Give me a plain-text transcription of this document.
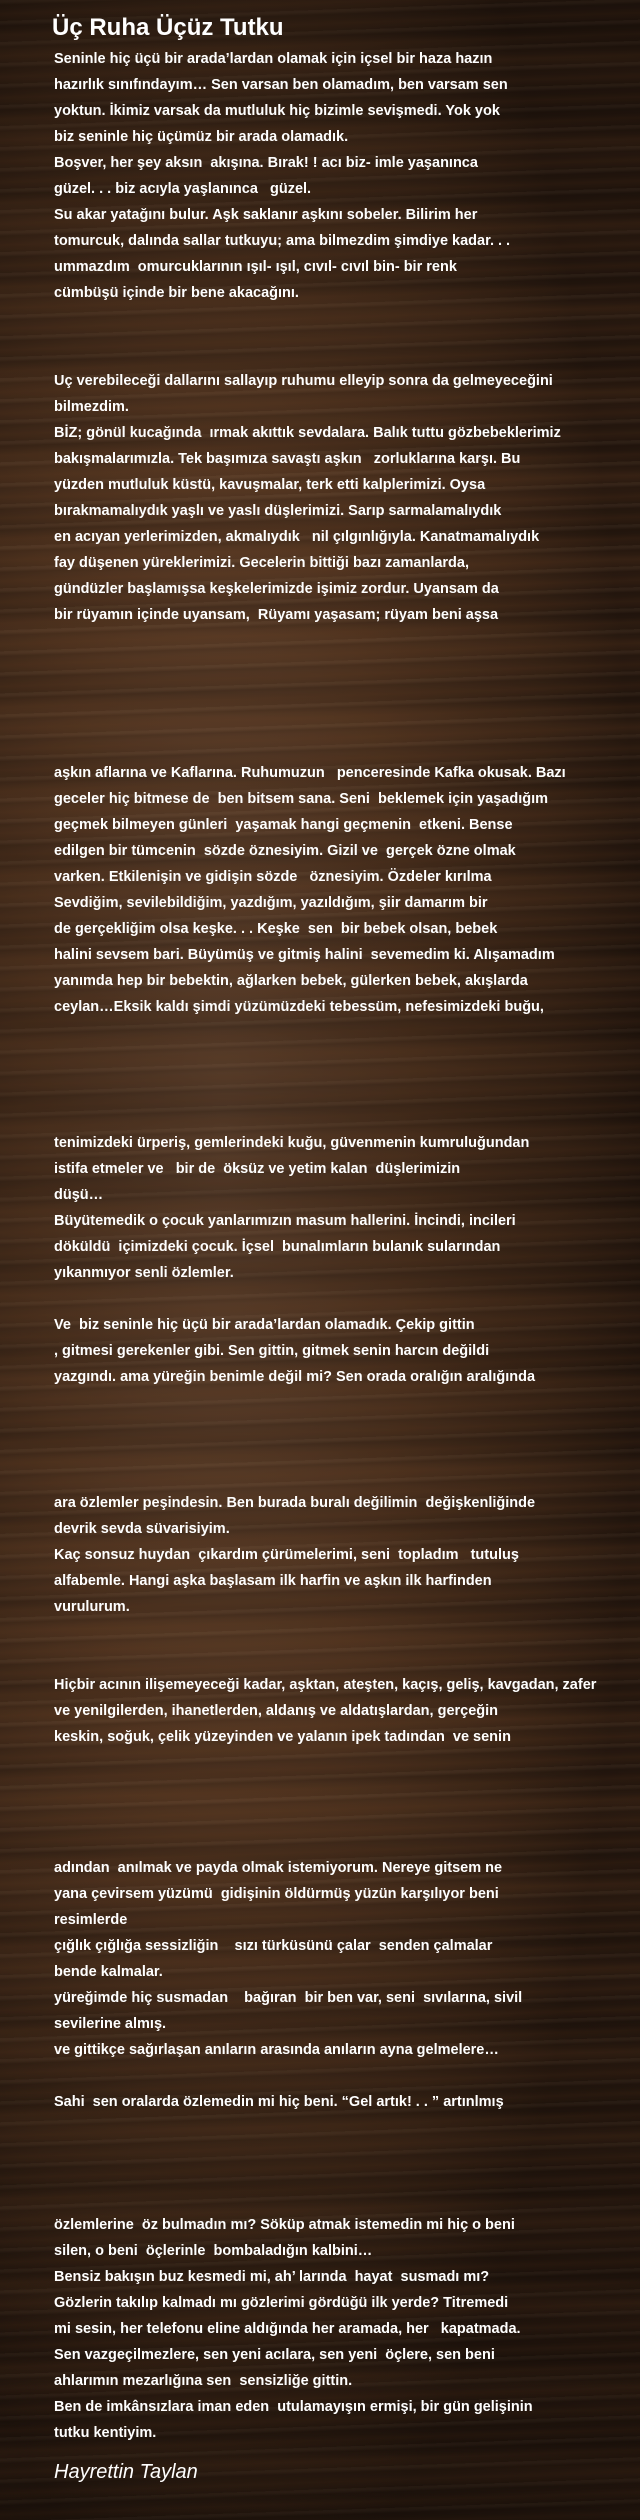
Üç Ruha Üçüz Tutku

Seninle hiç üçü bir arada’lardan olamak için içsel bir haza hazın
hazırlık sınıfındayım… Sen varsan ben olamadım, ben varsam sen
yoktun. İkimiz varsak da mutluluk hiç bizimle sevişmedi. Yok yok
biz seninle hiç üçümüz bir arada olamadık.
Boşver, her şey aksın  akışına. Bırak! ! acı biz- imle yaşanınca
güzel. . . biz acıyla yaşlanınca   güzel.
Su akar yatağını bulur. Aşk saklanır aşkını sobeler. Bilirim her
tomurcuk, dalında sallar tutkuyu; ama bilmezdim şimdiye kadar. . .
ummazdım  omurcuklarının ışıl- ışıl, cıvıl- cıvıl bin- bir renk
cümbüşü içinde bir bene akacağını.

Uç verebileceği dallarını sallayıp ruhumu elleyip sonra da gelmeyeceğini
bilmezdim.
BİZ; gönül kucağında  ırmak akıttık sevdalara. Balık tuttu gözbebeklerimiz
bakışmalarımızla. Tek başımıza savaştı aşkın   zorluklarına karşı. Bu
yüzden mutluluk küstü, kavuşmalar, terk etti kalplerimizi. Oysa
bırakmamalıydık yaşlı ve yaslı düşlerimizi. Sarıp sarmalamalıydık
en acıyan yerlerimizden, akmalıydık   nil çılgınlığıyla. Kanatmamalıydık
fay düşenen yüreklerimizi. Gecelerin bittiği bazı zamanlarda,
gündüzler başlamışsa keşkelerimizde işimiz zordur. Uyansam da
bir rüyamın içinde uyansam,  Rüyamı yaşasam; rüyam beni aşsa

aşkın aflarına ve Kaflarına. Ruhumuzun   penceresinde Kafka okusak. Bazı
geceler hiç bitmese de  ben bitsem sana. Seni  beklemek için yaşadığım
geçmek bilmeyen günleri  yaşamak hangi geçmenin  etkeni. Bense
edilgen bir tümcenin  sözde öznesiyim. Gizil ve  gerçek özne olmak
varken. Etkilenişin ve gidişin sözde   öznesiyim. Özdeler kırılma
Sevdiğim, sevilebildiğim, yazdığım, yazıldığım, şiir damarım bir
de gerçekliğim olsa keşke. . . Keşke  sen  bir bebek olsan, bebek
halini sevsem bari. Büyümüş ve gitmiş halini  sevemedim ki. Alışamadım
yanımda hep bir bebektin, ağlarken bebek, gülerken bebek, akışlarda
ceylan…Eksik kaldı şimdi yüzümüzdeki tebessüm, nefesimizdeki buğu,

tenimizdeki ürperiş, gemlerindeki kuğu, güvenmenin kumruluğundan
istifa etmeler ve   bir de  öksüz ve yetim kalan  düşlerimizin
düşü…
Büyütemedik o çocuk yanlarımızın masum hallerini. İncindi, incileri
döküldü  içimizdeki çocuk. İçsel  bunalımların bulanık sularından
yıkanmıyor senli özlemler.

Ve  biz seninle hiç üçü bir arada’lardan olamadık. Çekip gittin
, gitmesi gerekenler gibi. Sen gittin, gitmek senin harcın değildi
yazgındı. ama yüreğin benimle değil mi? Sen orada oralığın aralığında

ara özlemler peşindesin. Ben burada buralı değilimin  değişkenliğinde
devrik sevda süvarisiyim.
Kaç sonsuz huydan  çıkardım çürümelerimi, seni  topladım   tutuluş
alfabemle. Hangi aşka başlasam ilk harfin ve aşkın ilk harfinden
vurulurum.

Hiçbir acının ilişemeyeceği kadar, aşktan, ateşten, kaçış, geliş, kavgadan, zafer
ve yenilgilerden, ihanetlerden, aldanış ve aldatışlardan, gerçeğin
keskin, soğuk, çelik yüzeyinden ve yalanın ipek tadından  ve senin

adından  anılmak ve payda olmak istemiyorum. Nereye gitsem ne
yana çevirsem yüzümü  gidişinin öldürmüş yüzün karşılıyor beni
resimlerde
çığlık çığlığa sessizliğin    sızı türküsünü çalar  senden çalmalar
bende kalmalar.
yüreğimde hiç susmadan    bağıran  bir ben var, seni  sıvılarına, sivil
sevilerine almış.
ve gittikçe sağırlaşan anıların arasında anıların ayna gelmelere…

Sahi  sen oralarda özlemedin mi hiç beni. “Gel artık! . . ” artınlmış

özlemlerine  öz bulmadın mı? Söküp atmak istemedin mi hiç o beni
silen, o beni  öçlerinle  bombaladığın kalbini…
Bensiz bakışın buz kesmedi mi, ah’ larında  hayat  susmadı mı?
Gözlerin takılıp kalmadı mı gözlerimi gördüğü ilk yerde? Titremedi
mi sesin, her telefonu eline aldığında her aramada, her   kapatmada.
Sen vazgeçilmezlere, sen yeni acılara, sen yeni  öçlere, sen beni
ahlarımın mezarlığına sen  sensizliğe gittin.
Ben de imkânsızlara iman eden  utulamayışın ermişi, bir gün gelişinin
tutku kentiyim.

Hayrettin Taylan
